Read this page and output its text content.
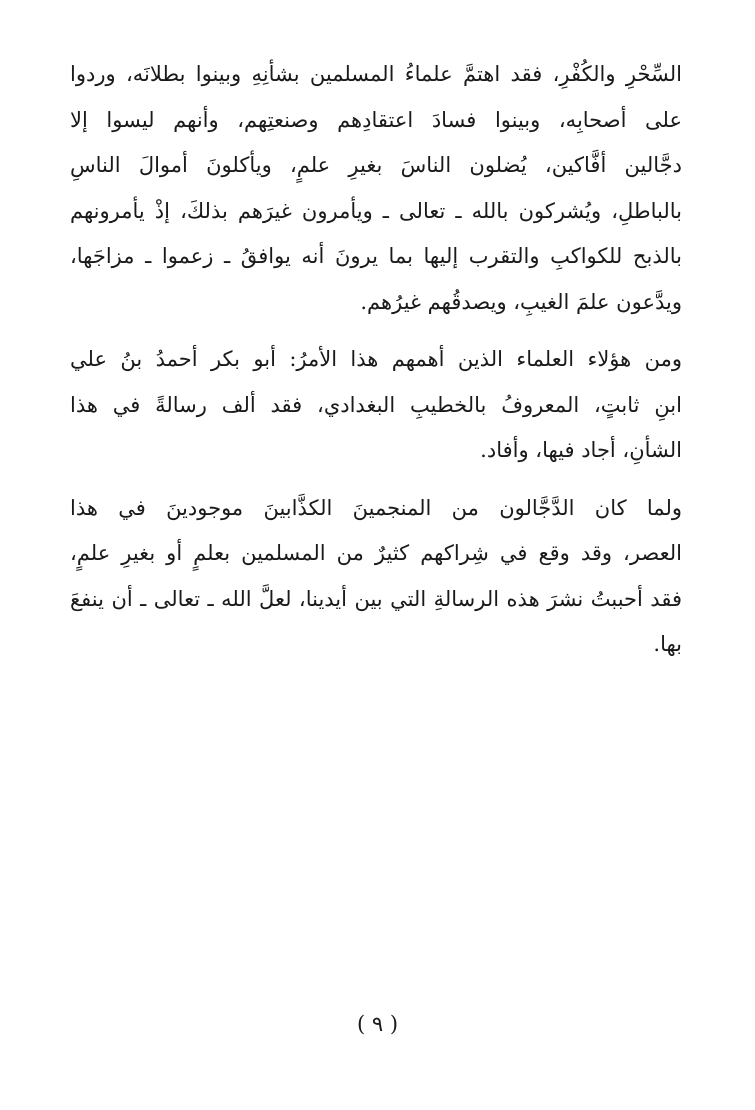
السِّحْرِ والكُفْرِ، فقد اهتمَّ علماءُ المسلمين بشأنِهِ وبينوا بطلانَه، وردوا
على أصحابِه، وبينوا فسادَ اعتقادِهم وصنعتِهم، وأنهم ليسوا إلا
دجَّالين أفَّاكين، يُضلون الناسَ بغيرِ علمٍ، ويأكلونَ أموالَ الناسِ
بالباطلِ، ويُشركون بالله ـ تعالى ـ ويأمرون غيرَهم بذلكَ، إذْ يأمرونهم
بالذبح للكواكبِ والتقرب إليها بما يرونَ أنه يوافقُ ـ زعموا ـ مزاجَها،
ويدَّعون علمَ الغيبِ، ويصدقُهم غيرُهم.

ومن هؤلاء العلماء الذين أهمهم هذا الأمرُ: أبو بكر أحمدُ بنُ علي
ابنِ ثابتٍ، المعروفُ بالخطيبِ البغدادي، فقد ألف رسالةً في هذا
الشأنِ، أجاد فيها، وأفاد.

ولما كان الدَّجَّالون من المنجمينَ الكذَّابينَ موجودينَ في هذا
العصر، وقد وقع في شِراكهم كثيرٌ من المسلمين بعلمٍ أو بغيرِ علمٍ،
فقد أحببتُ نشرَ هذه الرسالةِ التي بين أيدينا، لعلَّ الله ـ تعالى ـ أن ينفعَ
بها.

( ٩ )
